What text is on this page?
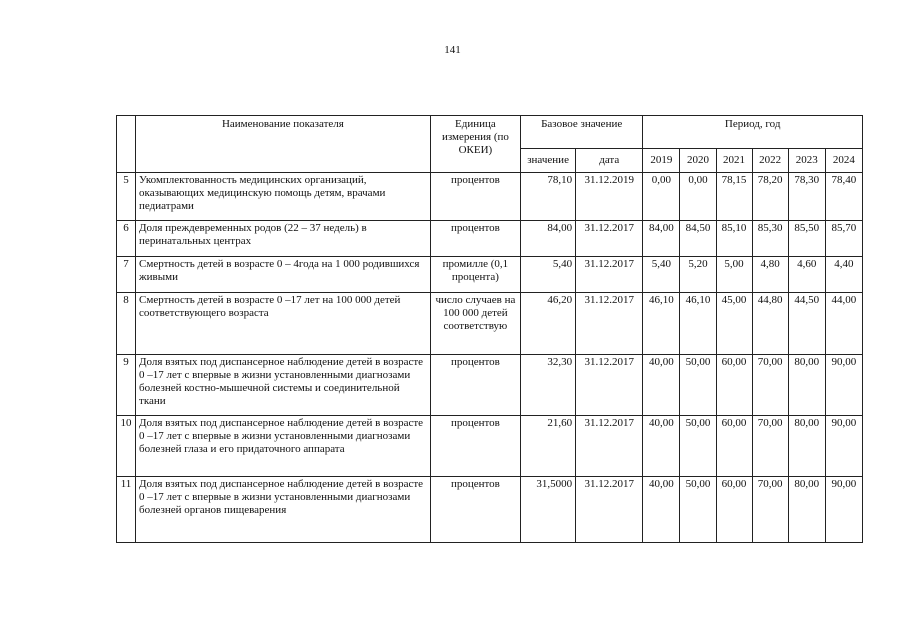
141
	Наименование показателя	Единица измерения (по ОКЕИ)	Базовое значение		Период, год					
			значение	дата	2019	2020	2021	2022	2023	2024
5	Укомплектованность медицинских организаций, оказывающих медицинскую помощь детям, врачами педиатрами	процентов	78,10	31.12.2019	0,00	0,00	78,15	78,20	78,30	78,40
6	Доля преждевременных родов (22 – 37 недель) в перинатальных центрах	процентов	84,00	31.12.2017	84,00	84,50	85,10	85,30	85,50	85,70
7	Смертность детей в возрасте 0 – 4года на 1 000 родившихся живыми	промилле (0,1 процента)	5,40	31.12.2017	5,40	5,20	5,00	4,80	4,60	4,40
8	Смертность детей в возрасте 0 –17 лет на 100 000 детей соответствующего возраста	число случаев на 100 000 детей соответствую	46,20	31.12.2017	46,10	46,10	45,00	44,80	44,50	44,00
9	Доля взятых под диспансерное наблюдение детей в возрасте 0 –17 лет с впервые в жизни установленными диагнозами болезней костно-мышечной системы и соединительной ткани	процентов	32,30	31.12.2017	40,00	50,00	60,00	70,00	80,00	90,00
10	Доля взятых под диспансерное наблюдение детей в возрасте 0 –17 лет с впервые в жизни установленными диагнозами болезней глаза и его придаточного аппарата	процентов	21,60	31.12.2017	40,00	50,00	60,00	70,00	80,00	90,00
11	Доля взятых под диспансерное наблюдение детей в возрасте 0 –17 лет с впервые в жизни установленными диагнозами болезней органов пищеварения	процентов	31,5000	31.12.2017	40,00	50,00	60,00	70,00	80,00	90,00
